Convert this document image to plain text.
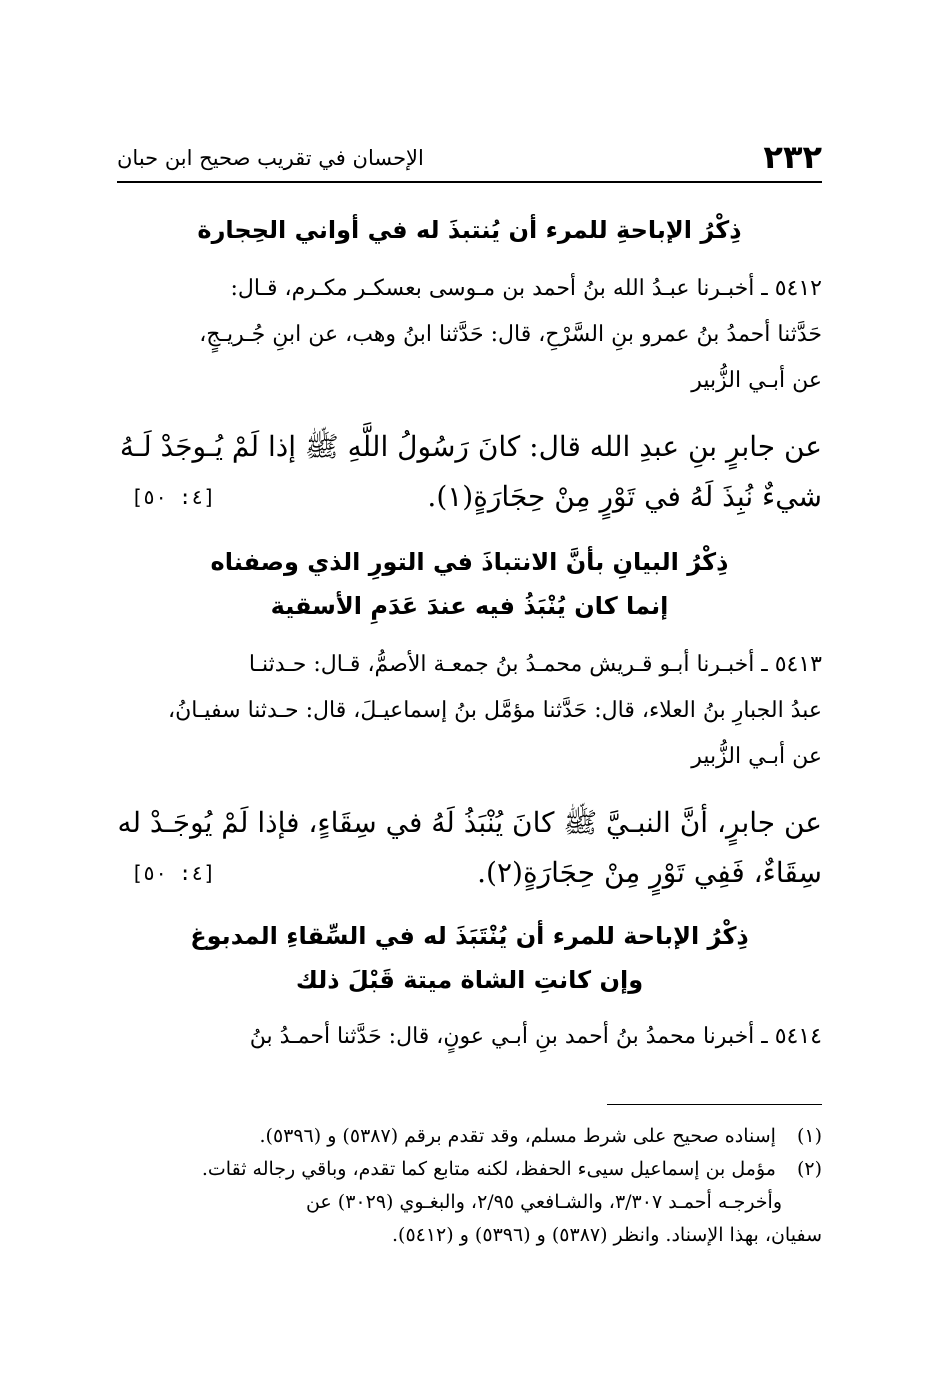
٢٣٢
الإحسان في تقريب صحيح ابن حبان
ذِكْرُ الإباحةِ للمرء أن يُنتبذَ له في أواني الحِجارة

٥٤١٢ ـ أخبـرنا عبـدُ الله بنُ أحمد بن مـوسى بعسكـر مكـرم، قـال:

حَدَّثنا أحمدُ بنُ عمرو بنِ السَّرْحِ، قال: حَدَّثنا ابنُ وهب، عن ابنِ جُـريـجٍ،

عن أبـي الزُّبير

عن جابرٍ بنِ عبدِ الله قال: كانَ رَسُولُ اللَّهِ ﷺ إذا لَمْ يُـوجَدْ لَـهُ
شيءٌ نُبِذَ لَهُ في تَوْرٍ مِنْ حِجَارَةٍ(١).
[٤: ٥٠]
ذِكْرُ البيانِ بأنَّ الانتباذَ في التورِ الذي وصفناه
إنما كان يُنْبَذُ فيه عندَ عَدَمِ الأسقية

٥٤١٣ ـ أخبـرنا أبـو قـريش محمـدُ بنُ جمعـة الأصمُّ، قـال: حـدثنـا

عبدُ الجبارِ بنُ العلاء، قال: حَدَّثنا مؤمَّل بنُ إسماعيـلَ، قال: حـدثنا سفيـانُ،

عن أبـي الزُّبير

عن جابرٍ، أنَّ النبـيَّ ﷺ كانَ يُنْبَذُ لَهُ في سِقَاءٍ، فإذا لَمْ يُوجَـدْ له
سِقَاءٌ، فَفِي تَوْرٍ مِنْ حِجَارَةٍ(٢).
[٤: ٥٠]
ذِكْرُ الإباحة للمرء أن يُنْتَبَذَ له في السِّقاءِ المدبوغ
وإن كانتِ الشاة ميتة قَبْلَ ذلك

٥٤١٤ ـ أخبرنا محمدُ بنُ أحمد بنِ أبـي عونٍ، قال: حَدَّثنا أحمـدُ بنُ

(١) إسناده صحيح على شرط مسلم، وقد تقدم برقم (٥٣٨٧) و (٥٣٩٦).
(٢) مؤمل بن إسماعيل سيىء الحفظ، لكنه متابع كما تقدم، وباقي رجاله ثقات.
وأخرجـه أحمـد ٣/٣٠٧، والشـافعي ٢/٩٥، والبغـوي (٣٠٢٩) عن
سفيان، بهذا الإسناد. وانظر (٥٣٨٧) و (٥٣٩٦) و (٥٤١٢).
